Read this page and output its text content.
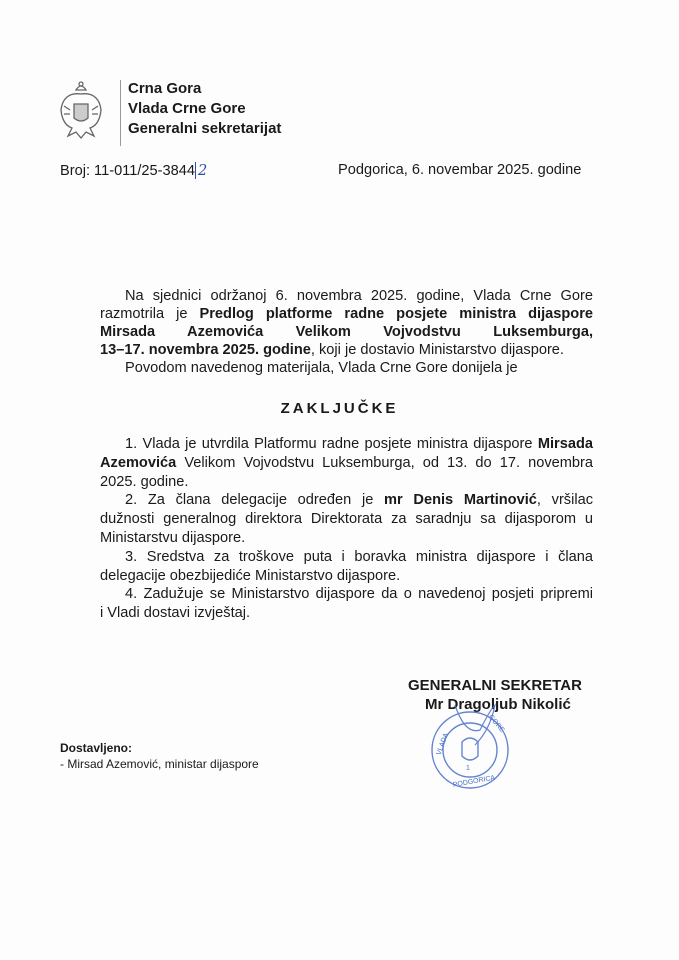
Crna Gora
Vlada Crne Gore
Generalni sekretarijat
Broj: 11-011/25-3844 2	Podgorica, 6. novembar 2025. godine
Na sjednici održanoj 6. novembra 2025. godine, Vlada Crne Gore
razmotrila je Predlog platforme radne posjete ministra dijaspore
Mirsada Azemovića Velikom Vojvodstvu Luksemburga,
13–17. novembra 2025. godine, koji je dostavio Ministarstvo dijaspore.
Povodom navedenog materijala, Vlada Crne Gore donijela je
ZAKLJUČKE
1. Vlada je utvrdila Platformu radne posjete ministra dijaspore Mirsada
Azemovića Velikom Vojvodstvu Luksemburga, od 13. do 17. novembra
2025. godine.
2. Za člana delegacije određen je mr Denis Martinović, vršilac
dužnosti generalnog direktora Direktorata za saradnju sa dijasporom u
Ministarstvu dijaspore.
3. Sredstva za troškove puta i boravka ministra dijaspore i člana
delegacije obezbijediće Ministarstvo dijaspore.
4. Zadužuje se Ministarstvo dijaspore da o navedenoj posjeti pripremi
i Vladi dostavi izvještaj.
GENERALNI SEKRETAR
Mr Dragoljub Nikolić
1
PODGORICA
VLADA
GORE
Dostavljeno:
- Mirsad Azemović, ministar dijaspore
